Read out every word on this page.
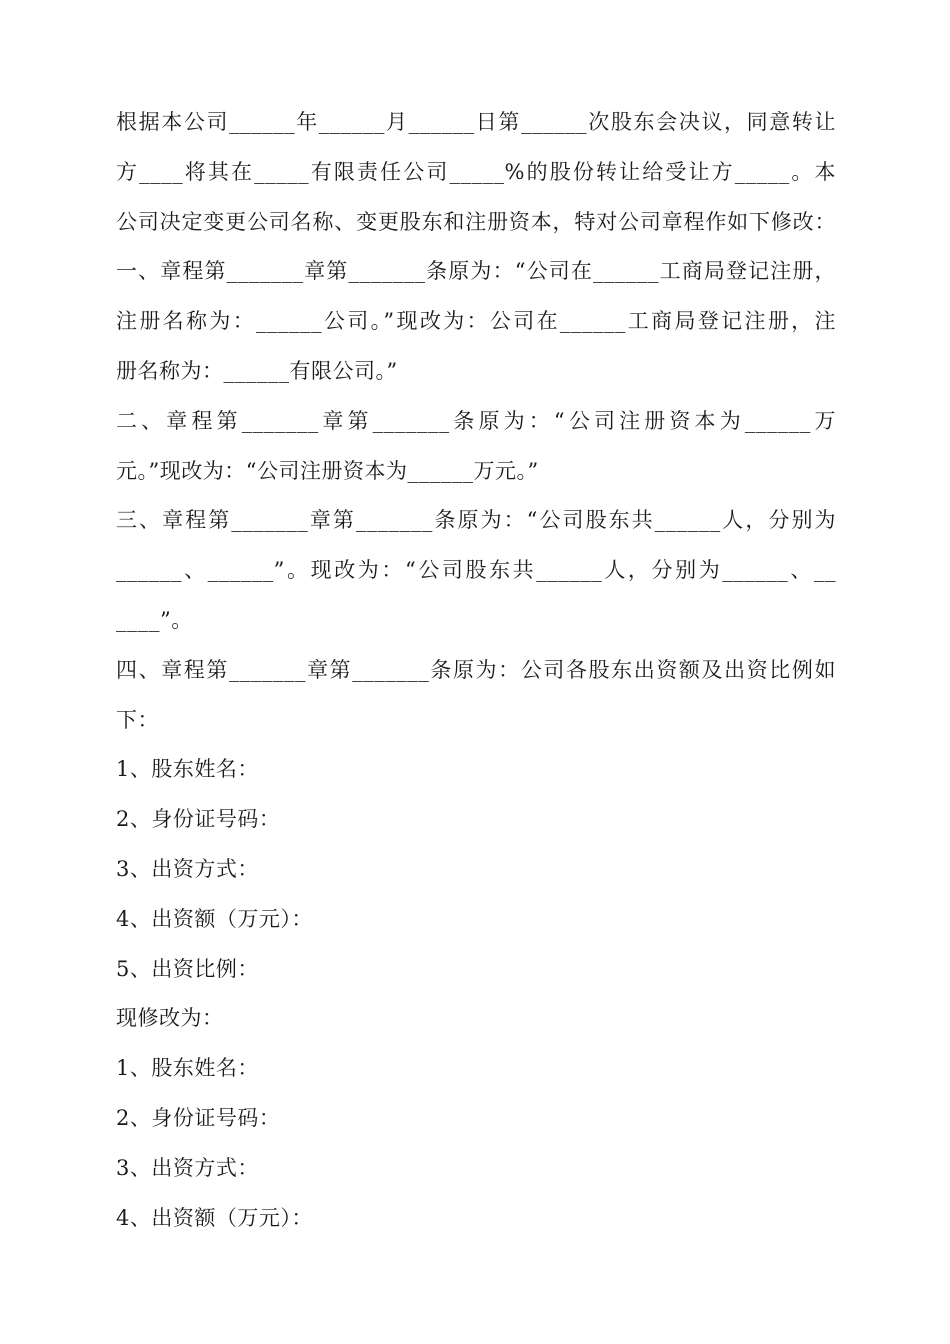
根据本公司______年______月______日第______次股东会决议，同意转让
方____将其在_____有限责任公司_____%的股份转让给受让方_____。本
公司决定变更公司名称、变更股东和注册资本，特对公司章程作如下修改：
一、章程第_______章第_______条原为：“公司在______工商局登记注册，
注册名称为：______公司。”现改为：公司在______工商局登记注册，注
册名称为：______有限公司。”
二、章程第_______章第_______条原为：“公司注册资本为______万
元。”现改为：“公司注册资本为______万元。”
三、章程第_______章第_______条原为：“公司股东共______人，分别为
______、______”。现改为：“公司股东共______人，分别为______、__
____”。
四、章程第_______章第_______条原为：公司各股东出资额及出资比例如
下：
1、股东姓名：
2、身份证号码：
3、出资方式：
4、出资额（万元）：
5、出资比例：
现修改为：
1、股东姓名：
2、身份证号码：
3、出资方式：
4、出资额（万元）：
